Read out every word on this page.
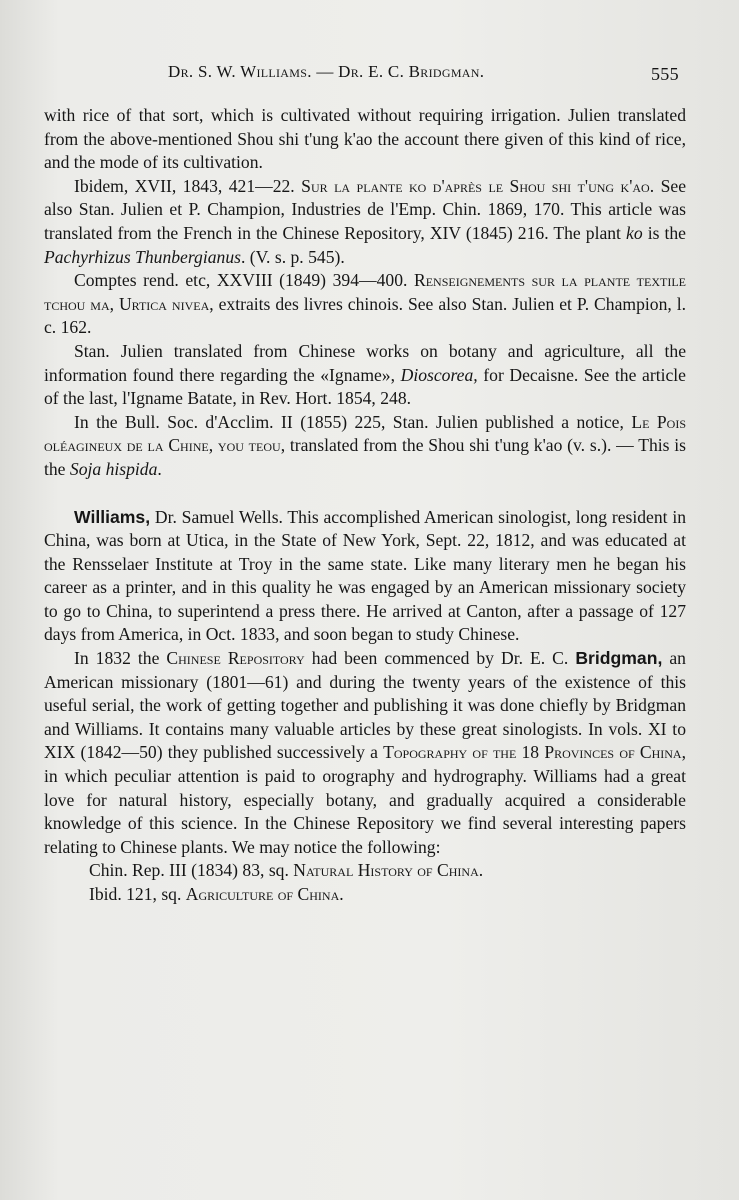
Dr. S. W. Williams. — Dr. E. C. Bridgman.	555

with rice of that sort, which is cultivated without requiring irrigation. Julien translated from the above-mentioned Shou shi t'ung k'ao the account there given of this kind of rice, and the mode of its cultivation.

Ibidem, XVII, 1843, 421—22. Sur la plante ko d'après le Shou shi t'ung k'ao. See also Stan. Julien et P. Champion, Industries de l'Emp. Chin. 1869, 170. This article was translated from the French in the Chinese Repository, XIV (1845) 216. The plant ko is the Pachyrhizus Thunbergianus. (V. s. p. 545).

Comptes rend. etc, XXVIII (1849) 394—400. Renseignements sur la plante textile tchou ma, Urtica nivea, extraits des livres chinois. See also Stan. Julien et P. Champion, l. c. 162.

Stan. Julien translated from Chinese works on botany and agriculture, all the information found there regarding the «Igname», Dioscorea, for Decaisne. See the article of the last, l'Igname Batate, in Rev. Hort. 1854, 248.

In the Bull. Soc. d'Acclim. II (1855) 225, Stan. Julien published a notice, Le Pois oléagineux de la Chine, you teou, translated from the Shou shi t'ung k'ao (v. s.). — This is the Soja hispida.

Williams, Dr. Samuel Wells. This accomplished American sinologist, long resident in China, was born at Utica, in the State of New York, Sept. 22, 1812, and was educated at the Rensselaer Institute at Troy in the same state. Like many literary men he began his career as a printer, and in this quality he was engaged by an American missionary society to go to China, to superintend a press there. He arrived at Canton, after a passage of 127 days from America, in Oct. 1833, and soon began to study Chinese.

In 1832 the Chinese Repository had been commenced by Dr. E. C. Bridgman, an American missionary (1801—61) and during the twenty years of the existence of this useful serial, the work of getting together and publishing it was done chiefly by Bridgman and Williams. It contains many valuable articles by these great sinologists. In vols. XI to XIX (1842—50) they published successively a Topography of the 18 Provinces of China, in which peculiar attention is paid to orography and hydrography. Williams had a great love for natural history, especially botany, and gradually acquired a considerable knowledge of this science. In the Chinese Repository we find several interesting papers relating to Chinese plants. We may notice the following:

Chin. Rep. III (1834) 83, sq. Natural History of China.

Ibid. 121, sq. Agriculture of China.
